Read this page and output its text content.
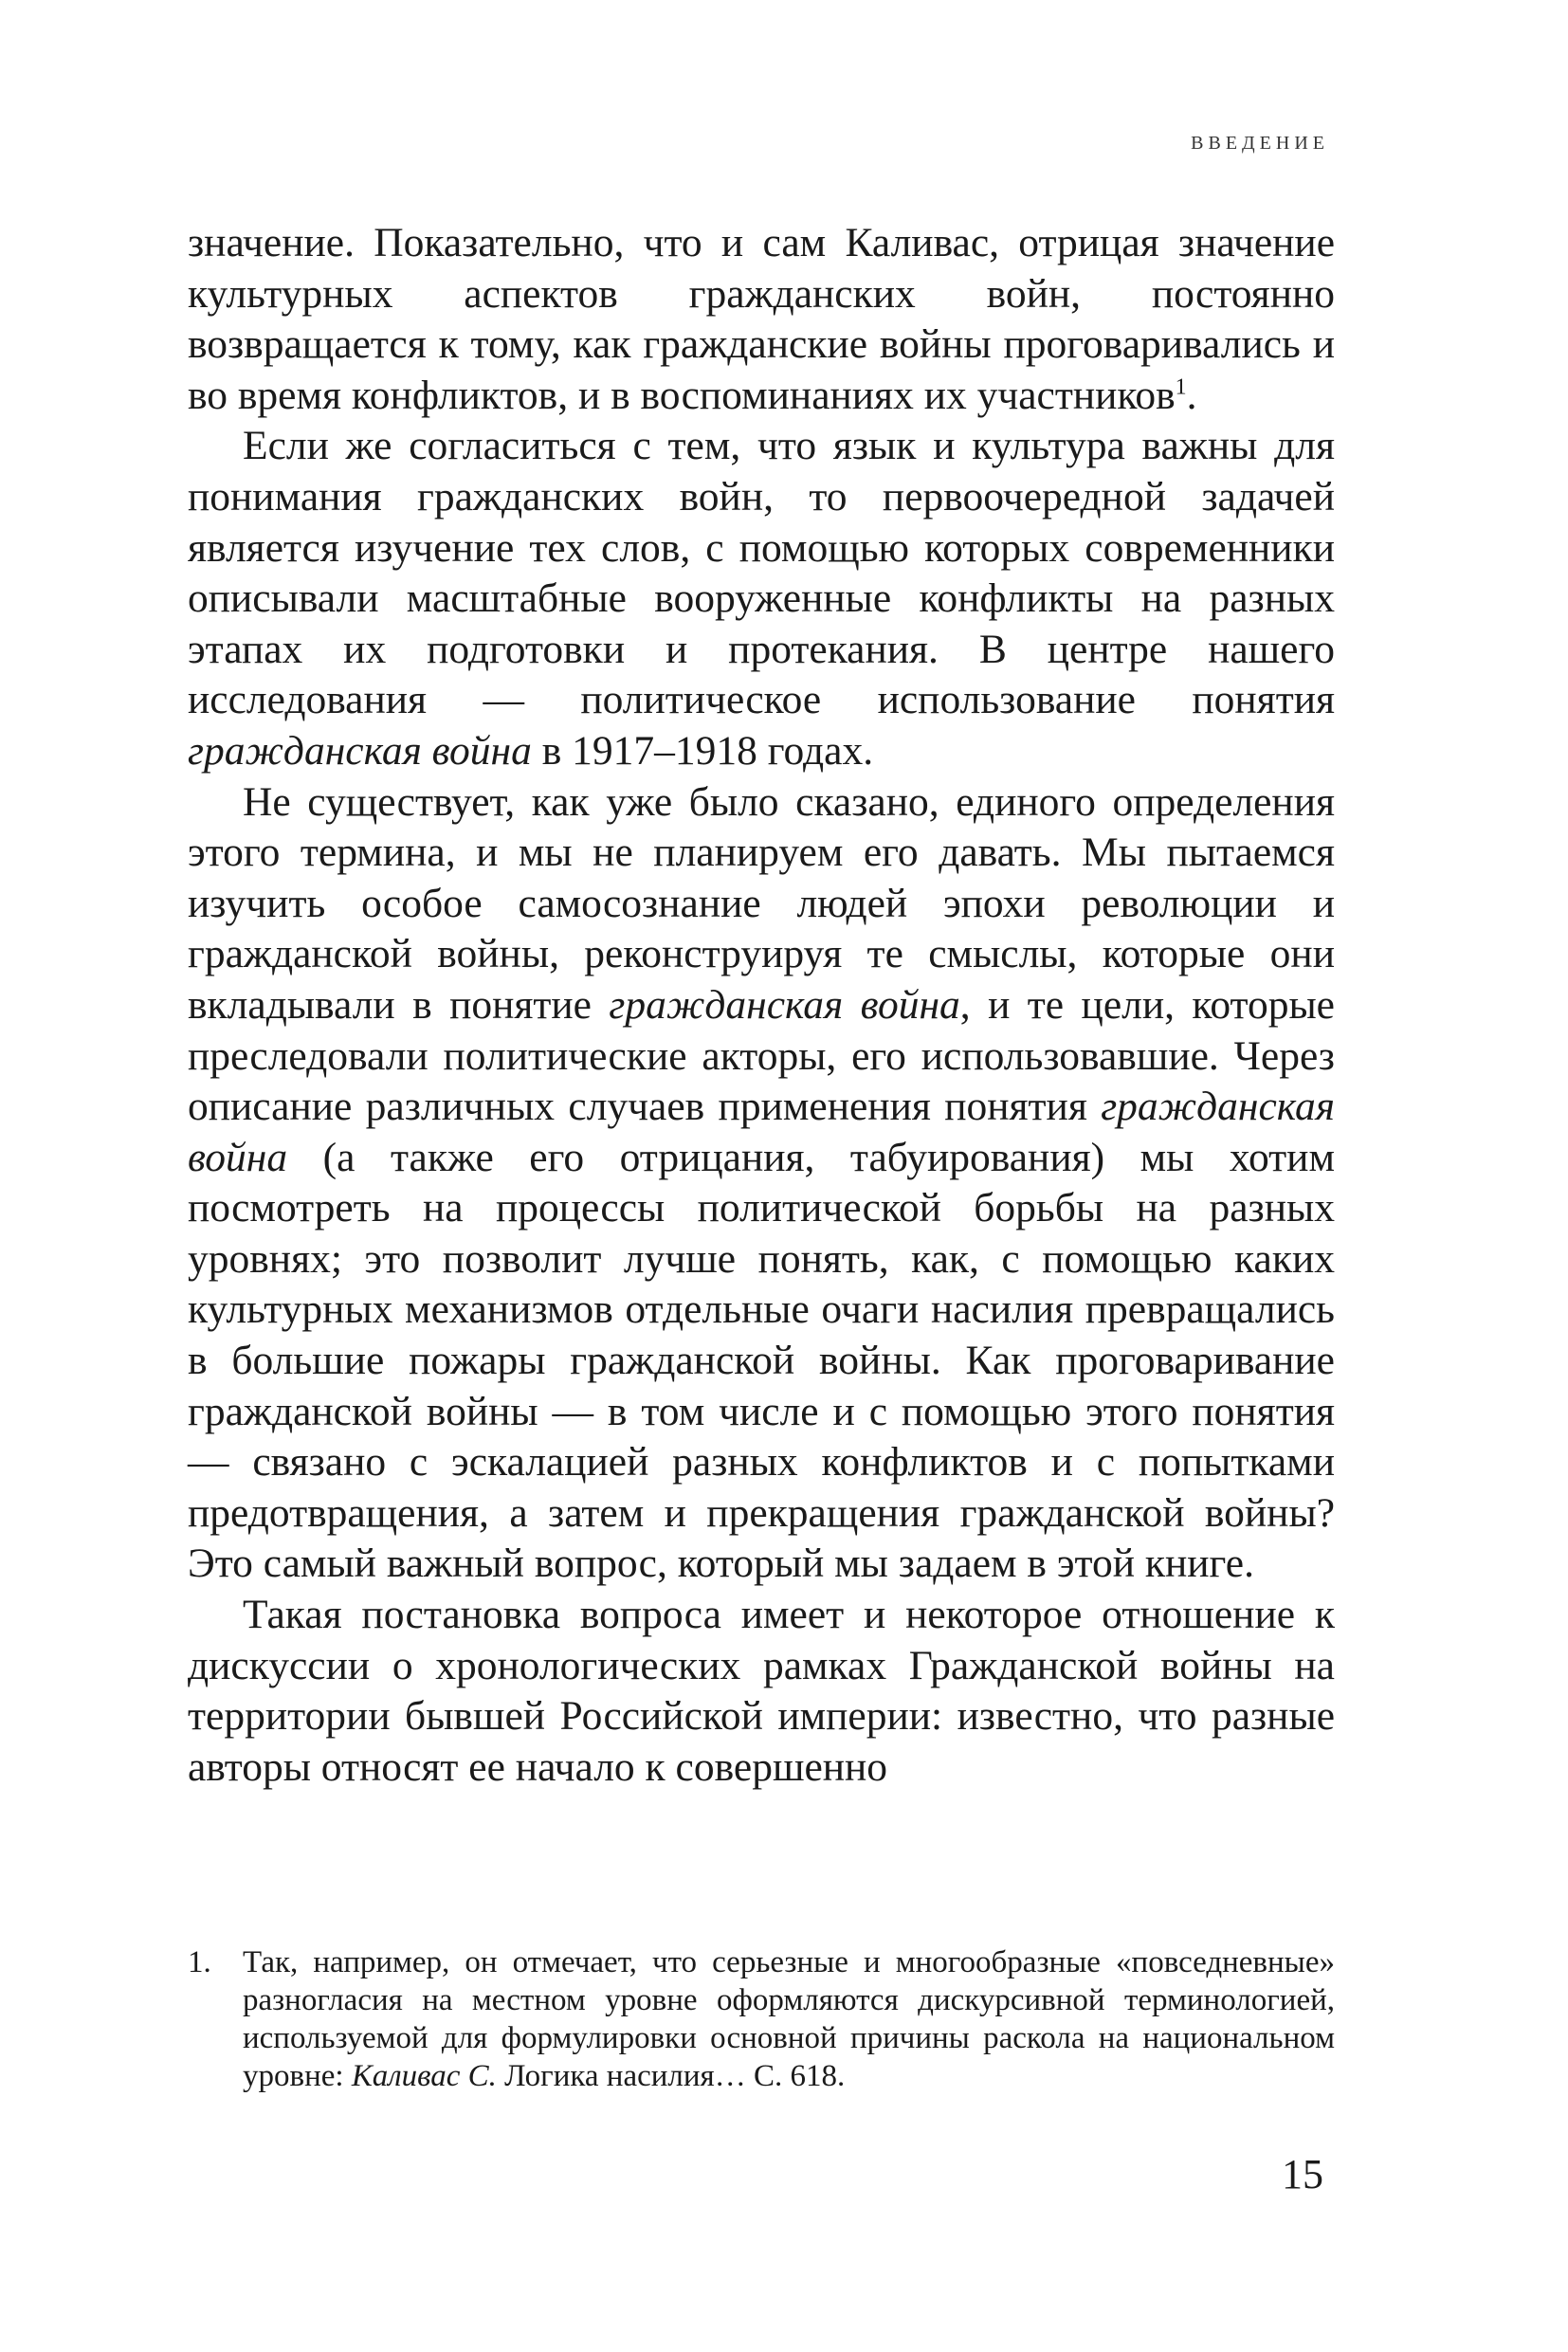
ВВЕДЕНИЕ

значение. Показательно, что и сам Каливас, отрицая значение культурных аспектов гражданских войн, постоянно возвращается к тому, как гражданские войны проговаривались и во время конфликтов, и в воспоминаниях их участников$^1$.

Если же согласиться с тем, что язык и культура важны для понимания гражданских войн, то первоочередной задачей является изучение тех слов, с помощью которых современники описывали масштабные вооруженные конфликты на разных этапах их подготовки и протекания. В центре нашего исследования — политическое использование понятия гражданская война в 1917–1918 годах.

Не существует, как уже было сказано, единого определения этого термина, и мы не планируем его давать. Мы пытаемся изучить особое самосознание людей эпохи революции и гражданской войны, реконструируя те смыслы, которые они вкладывали в понятие гражданская война, и те цели, которые преследовали политические акторы, его использовавшие. Через описание различных случаев применения понятия гражданская война (а также его отрицания, табуирования) мы хотим посмотреть на процессы политической борьбы на разных уровнях; это позволит лучше понять, как, с помощью каких культурных механизмов отдельные очаги насилия превращались в большие пожары гражданской войны. Как проговаривание гражданской войны — в том числе и с помощью этого понятия — связано с эскалацией разных конфликтов и с попытками предотвращения, а затем и прекращения гражданской войны? Это самый важный вопрос, который мы задаем в этой книге.

Такая постановка вопроса имеет и некоторое отношение к дискуссии о хронологических рамках Гражданской войны на территории бывшей Российской империи: известно, что разные авторы относят ее начало к совершенно

1.	Так, например, он отмечает, что серьезные и многообразные «повседневные» разногласия на местном уровне оформляются дискурсивной терминологией, используемой для формулировки основной причины раскола на национальном уровне: Каливас С. Логика насилия… С. 618.
15
